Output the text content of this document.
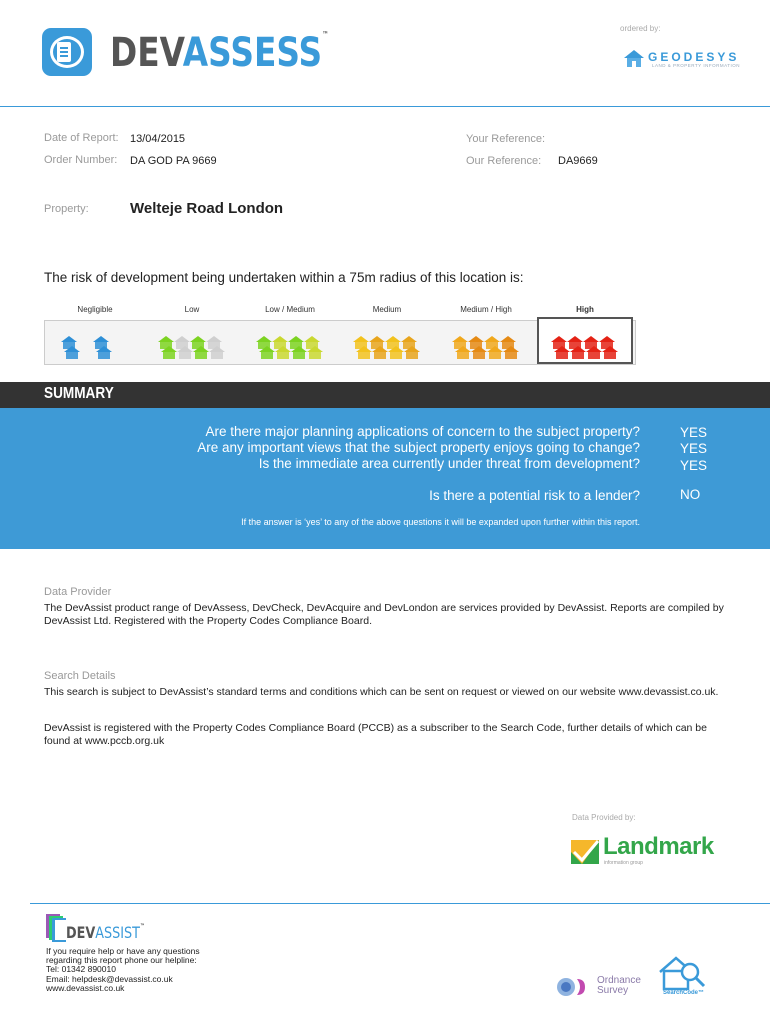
DEVASSESS™
ordered by:
GEODESYS
LAND & PROPERTY INFORMATION
Date of Report: 13/04/2015
Order Number: DA GOD PA 9669
Your Reference:
Our Reference: DA9669
Property:	Welteje Road London
The risk of development being undertaken within a 75m radius of this location is:
Negligible	Low	Low / Medium	Medium	Medium / High	High
SUMMARY
Are there major planning applications of concern to the subject property?	YES
Are any important views that the subject property enjoys going to change?	YES
Is the immediate area currently under threat from development?	YES
Is there a potential risk to a lender?	NO
If the answer is ‘yes’ to any of the above questions it will be expanded upon further within this report.
Data Provider
The DevAssist product range of DevAssess, DevCheck, DevAcquire and DevLondon are services provided by DevAssist. Reports are compiled by DevAssist Ltd. Registered with the Property Codes Compliance Board.
Search Details
This search is subject to DevAssist’s standard terms and conditions which can be sent on request or viewed on our website www.devassist.co.uk.
DevAssist is registered with the Property Codes Compliance Board (PCCB) as a subscriber to the Search Code, further details of which can be found at www.pccb.org.uk
Data Provided by:
Landmark
information group
DEVASSIST™
If you require help or have any questions
regarding this report phone our helpline:
Tel: 01342 890010
Email: helpdesk@devassist.co.uk
www.devassist.co.uk
Ordnance
Survey	SearchCode™
